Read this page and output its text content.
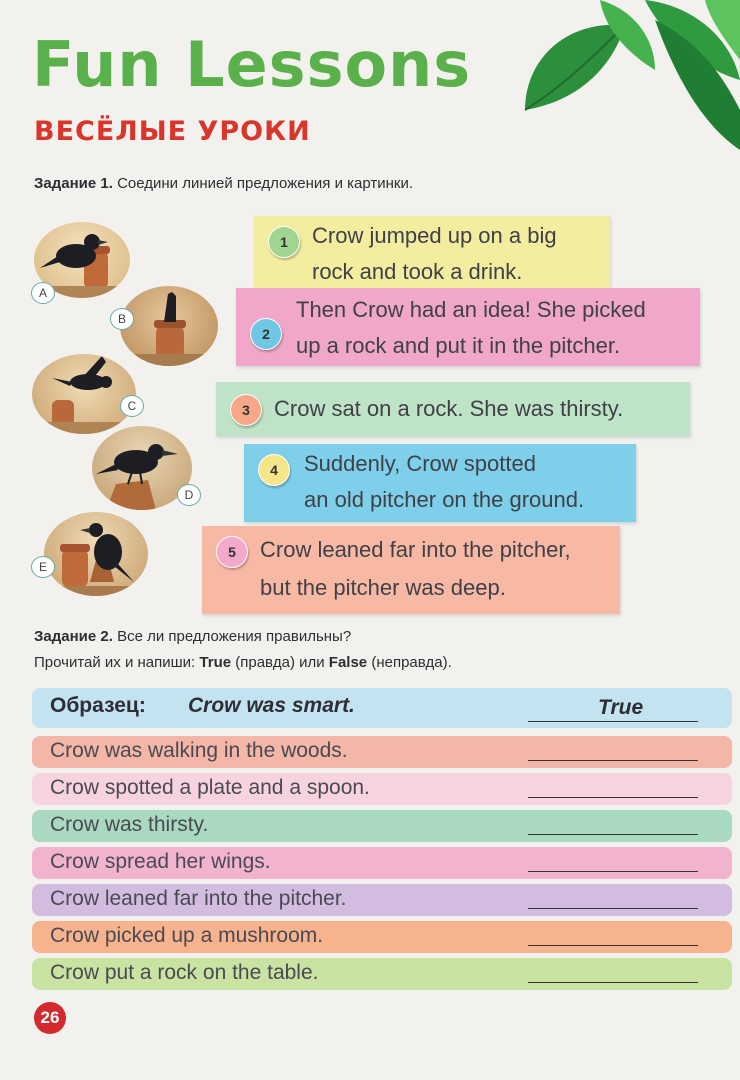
Fun Lessons
ВЕСЁЛЫЕ УРОКИ
Задание 1. Соедини линией предложения и картинки.
A
B
C
D
E
Crow jumped up on a big
rock and took a drink.
1
Then Crow had an idea! She picked
up a rock and put it in the pitcher.
2
Crow sat on a rock. She was thirsty.
3
Suddenly, Crow spotted
an old pitcher on the ground.
4
Crow leaned far into the pitcher,
but the pitcher was deep.
5
Задание 2. Все ли предложения правильны?
Прочитай их и напиши: True (правда) или False (неправда).
Образец: Crow was smart.	True
Crow was walking in the woods.
Crow spotted a plate and a spoon.
Crow was thirsty.
Crow spread her wings.
Crow leaned far into the pitcher.
Crow picked up a mushroom.
Crow put a rock on the table.
26
